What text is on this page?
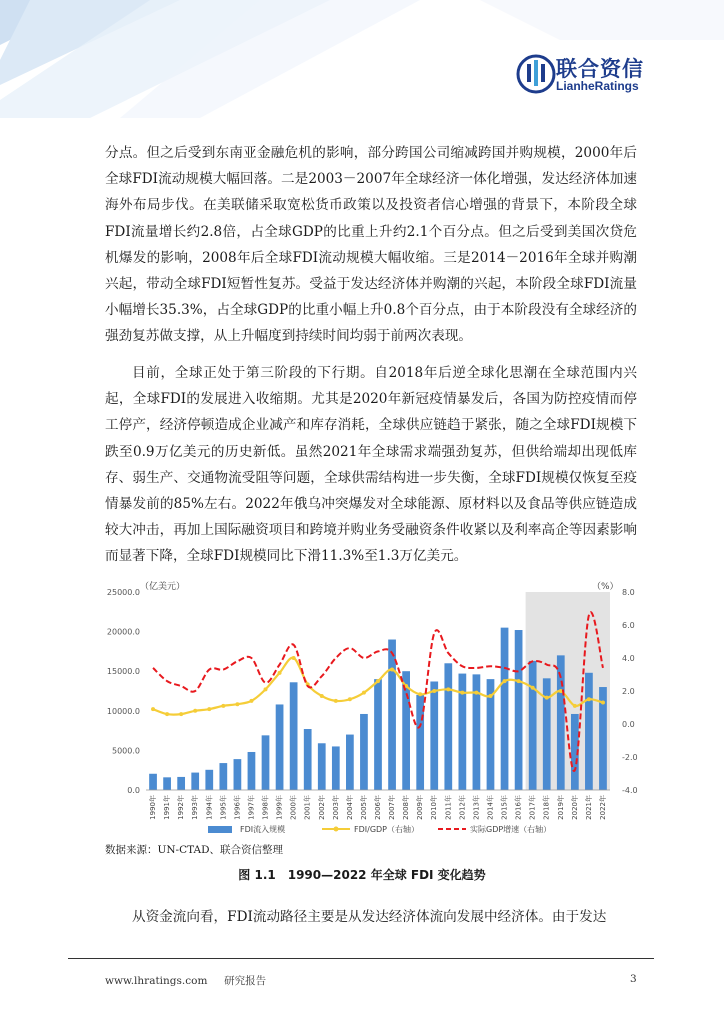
联合资信
LianheRatings

分点。但之后受到东南亚金融危机的影响，部分跨国公司缩减跨国并购规模，2000年后全球FDI流动规模大幅回落。二是2003－2007年全球经济一体化增强，发达经济体加速海外布局步伐。在美联储采取宽松货币政策以及投资者信心增强的背景下，本阶段全球FDI流量增长约2.8倍，占全球GDP的比重上升约2.1个百分点。但之后受到美国次贷危机爆发的影响，2008年后全球FDI流动规模大幅收缩。三是2014－2016年全球并购潮兴起，带动全球FDI短暂性复苏。受益于发达经济体并购潮的兴起，本阶段全球FDI流量小幅增长35.3%，占全球GDP的比重小幅上升0.8个百分点，由于本阶段没有全球经济的强劲复苏做支撑，从上升幅度到持续时间均弱于前两次表现。

目前，全球正处于第三阶段的下行期。自2018年后逆全球化思潮在全球范围内兴起，全球FDI的发展进入收缩期。尤其是2020年新冠疫情暴发后，各国为防控疫情而停工停产，经济停顿造成企业减产和库存消耗，全球供应链趋于紧张，随之全球FDI规模下跌至0.9万亿美元的历史新低。虽然2021年全球需求端强劲复苏，但供给端却出现低库存、弱生产、交通物流受阻等问题，全球供需结构进一步失衡，全球FDI规模仅恢复至疫情暴发前的85%左右。2022年俄乌冲突爆发对全球能源、原材料以及食品等供应链造成较大冲击，再加上国际融资项目和跨境并购业务受融资条件收紧以及利率高企等因素影响而显著下降，全球FDI规模同比下滑11.3%至1.3万亿美元。

25000.0
20000.0
15000.0
10000.0
5000.0
0.0
8.0
6.0
4.0
2.0
0.0
-2.0
-4.0
1990年 1991年 1992年 1993年 1994年 1995年 1996年 1997年 1998年 1999年 2000年 2001年 2002年 2003年 2004年 2005年 2006年 2007年 2008年 2009年 2010年 2011年 2012年 2013年 2014年 2015年 2016年 2017年 2018年 2019年 2020年 2021年 2022年
（亿美元）	（%）
FDI流入规模	FDI/GDP（右轴）	实际GDP增速（右轴）
数据来源：UN-CTAD、联合资信整理
图 1.1　1990—2022 年全球 FDI 变化趋势

从资金流向看，FDI流动路径主要是从发达经济体流向发展中经济体。由于发达

www.lhratings.com 研究报告	3
